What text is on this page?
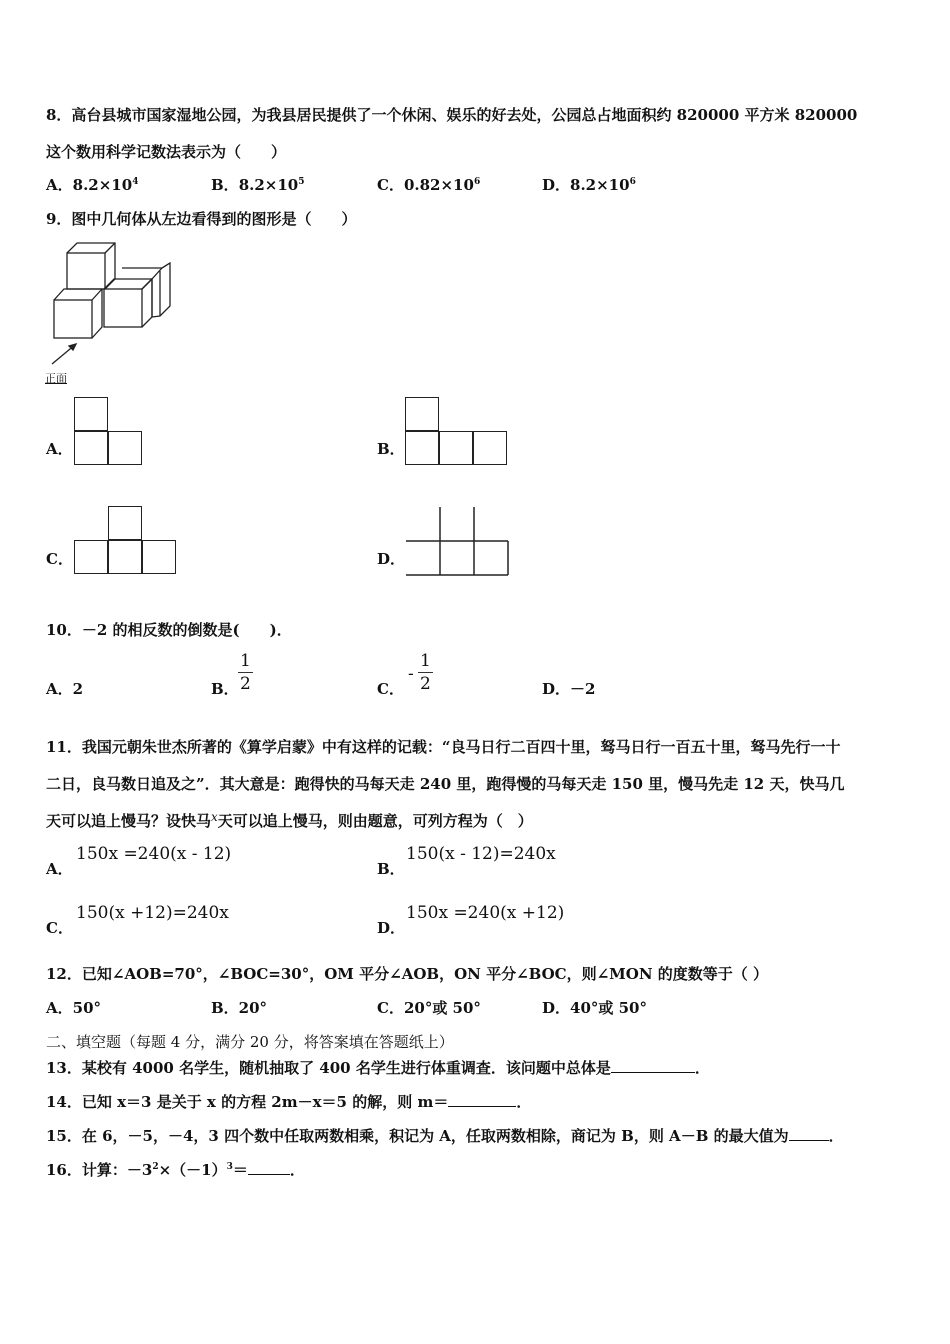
8．高台县城市国家湿地公园，为我县居民提供了一个休闲、娱乐的好去处，公园总占地面积约 820000 平方米 820000
这个数用科学记数法表示为（　　）
A．$8.2\times 10^4$	B．$8.2\times 10^5$	C．$0.82\times 10^6$	D．$8.2\times 10^6$
9．图中几何体从左边看得到的图形是（　　）
正面
A．	B．
C．	D．
10．－2 的相反数的倒数是(　　)．
A．2	B．
1
2	C．
-
1
2	D．－2
11．我国元朝朱世杰所著的《算学启蒙》中有这样的记载：“良马日行二百四十里，驽马日行一百五十里，驽马先行一十
二日，良马数日追及之”．其大意是：跑得快的马每天走 240 里，跑得慢的马每天走 150 里，慢马先走 12 天，快马几
天可以追上慢马？设快马$^x$天可以追上慢马，则由题意，可列方程为（　）
A．
150x =240(x - 12)
B．
150(x - 12)=240x
C．
150(x +12)=240x
D．
150x =240(x +12)
12．已知∠AOB=70°，∠BOC=30°，OM 平分∠AOB，ON 平分∠BOC，则∠MON 的度数等于（ ）
A．50°	B．20°	C．20°或 50°	D．40°或 50°
二、填空题（每题 4 分，满分 20 分，将答案填在答题纸上）
13．某校有 4000 名学生，随机抽取了 400 名学生进行体重调查．该问题中总体是	．
14．已知 x＝3 是关于 x 的方程 2m－x＝5 的解，则 m＝	．
15．在 6，－5，－4，3 四个数中任取两数相乘，积记为 A，任取两数相除，商记为 B，则 A－B 的最大值为	．
16．计算：$-3^2\times(-1)^3=$	．
